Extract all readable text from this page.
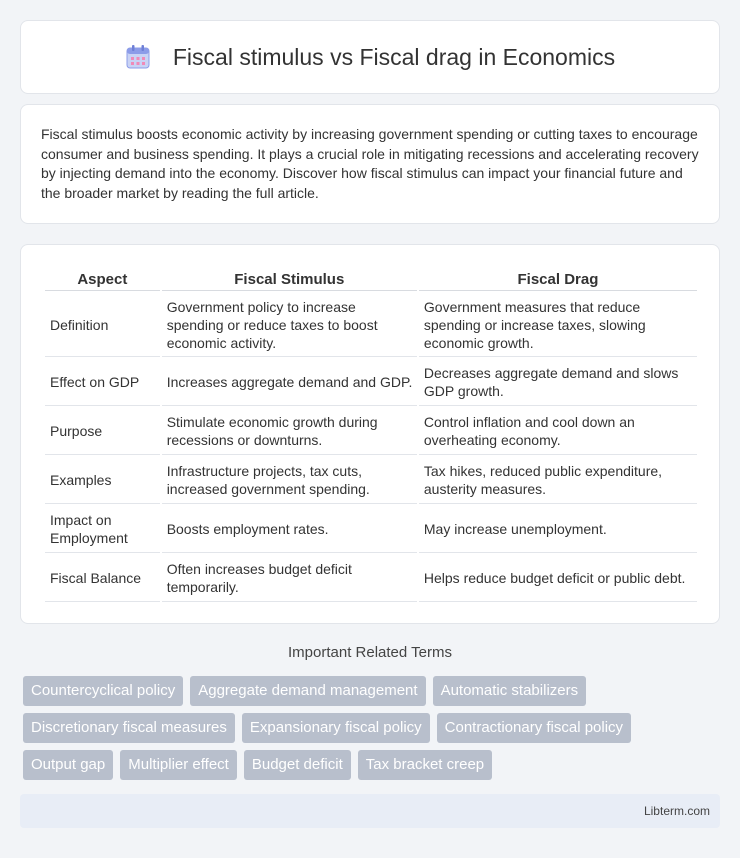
Fiscal stimulus vs Fiscal drag in Economics

Fiscal stimulus boosts economic activity by increasing government spending or cutting taxes to encourage consumer and business spending. It plays a crucial role in mitigating recessions and accelerating recovery by injecting demand into the economy. Discover how fiscal stimulus can impact your financial future and the broader market by reading the full article.

Aspect	Fiscal Stimulus	Fiscal Drag
Definition	Government policy to increase spending or reduce taxes to boost economic activity.	Government measures that reduce spending or increase taxes, slowing economic growth.
Effect on GDP	Increases aggregate demand and GDP.	Decreases aggregate demand and slows GDP growth.
Purpose	Stimulate economic growth during recessions or downturns.	Control inflation and cool down an overheating economy.
Examples	Infrastructure projects, tax cuts, increased government spending.	Tax hikes, reduced public expenditure, austerity measures.
Impact on Employment	Boosts employment rates.	May increase unemployment.
Fiscal Balance	Often increases budget deficit temporarily.	Helps reduce budget deficit or public debt.
Important Related Terms
Countercyclical policy	Aggregate demand management	Automatic stabilizers
Discretionary fiscal measures	Expansionary fiscal policy	Contractionary fiscal policy
Output gap	Multiplier effect	Budget deficit	Tax bracket creep
Libterm.com
